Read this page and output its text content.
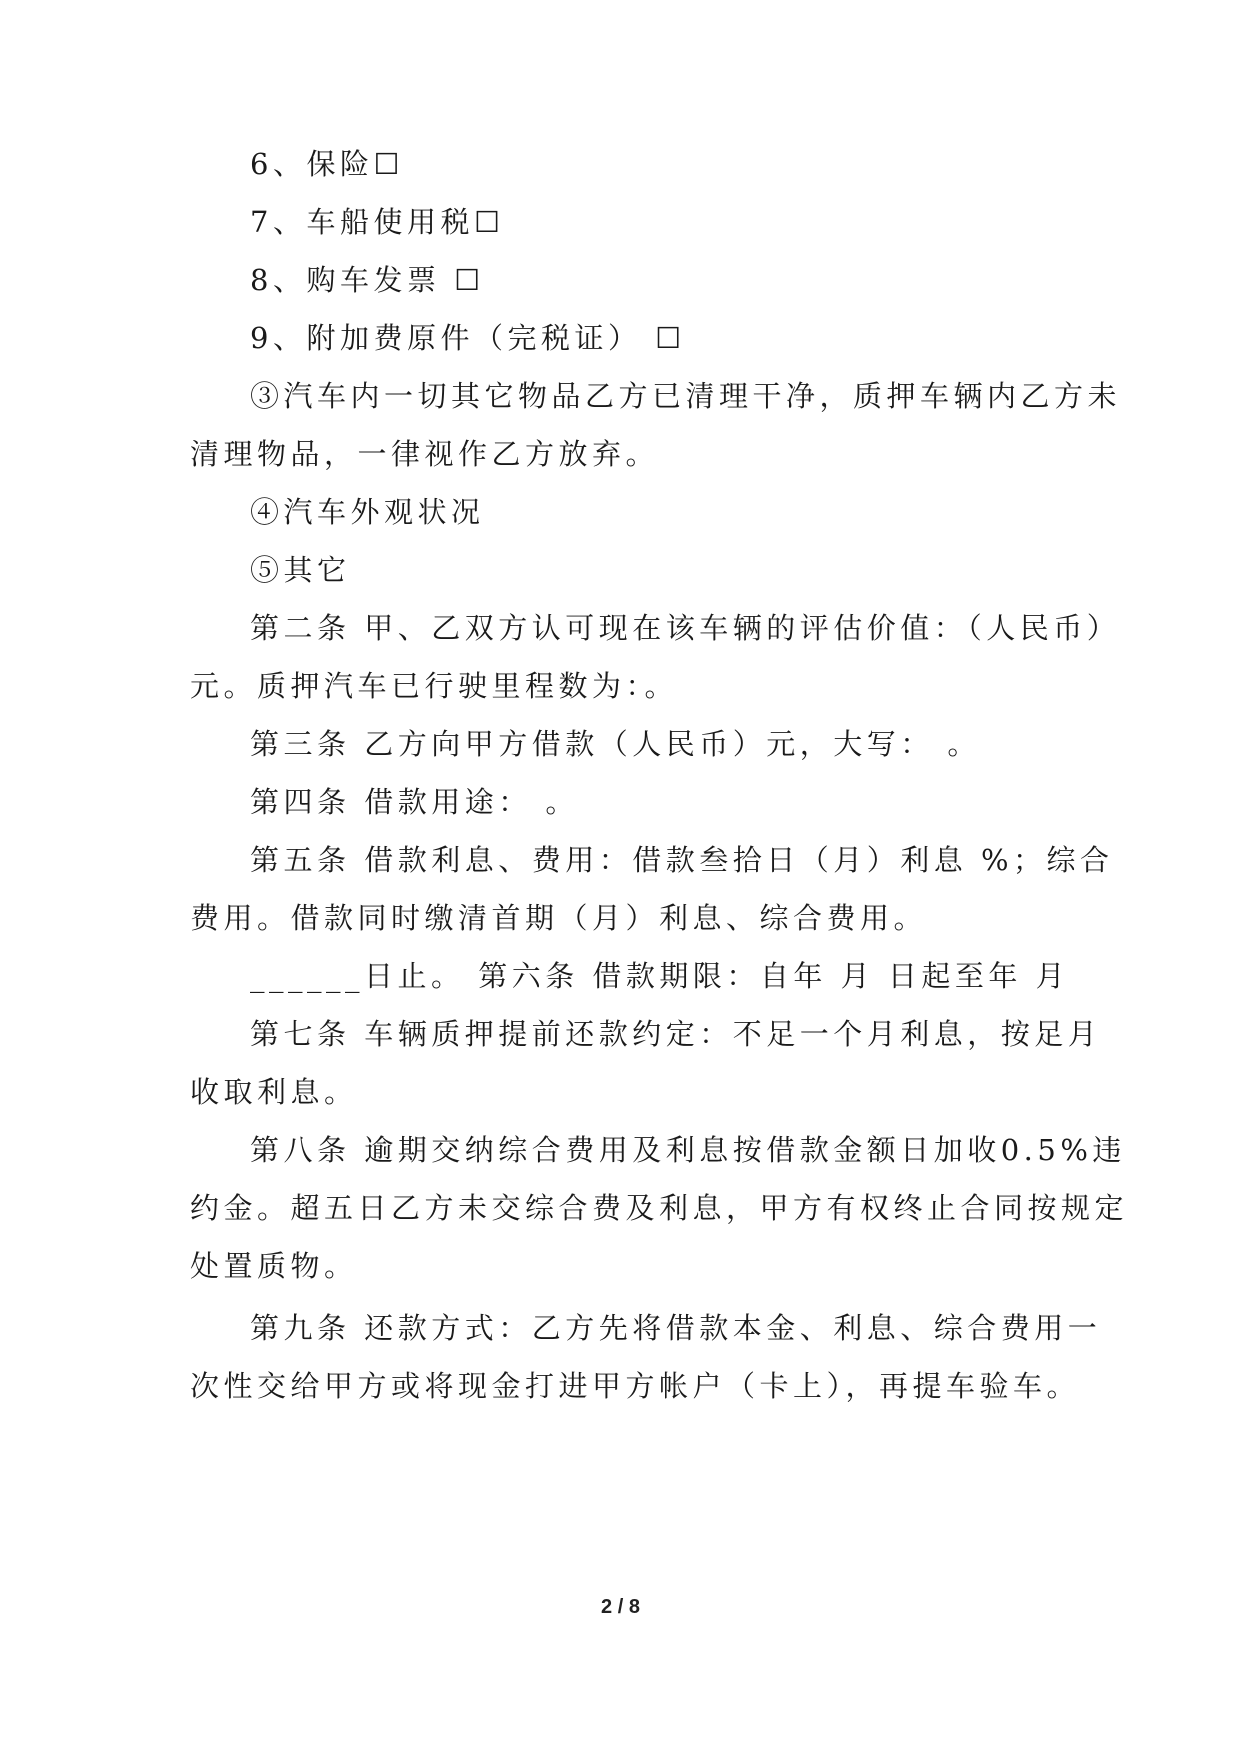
6、保险☐
7、车船使用税☐
8、购车发票 ☐
9、附加费原件（完税证） ☐
③汽车内一切其它物品乙方已清理干净，质押车辆内乙方未
清理物品，一律视作乙方放弃。
④汽车外观状况
⑤其它
第二条 甲、乙双方认可现在该车辆的评估价值：（人民币）
元。质押汽车已行驶里程数为：。
第三条 乙方向甲方借款（人民币）元，大写： 。
第四条 借款用途： 。
第五条 借款利息、费用：借款叁拾日（月）利息 %；综合
费用。借款同时缴清首期（月）利息、综合费用。
______日止。 第六条 借款期限：自年 月 日起至年 月
第七条 车辆质押提前还款约定：不足一个月利息，按足月
收取利息。
第八条 逾期交纳综合费用及利息按借款金额日加收0.5%违
约金。超五日乙方未交综合费及利息，甲方有权终止合同按规定
处置质物。
第九条 还款方式：乙方先将借款本金、利息、综合费用一
次性交给甲方或将现金打进甲方帐户（卡上），再提车验车。
2 / 8
